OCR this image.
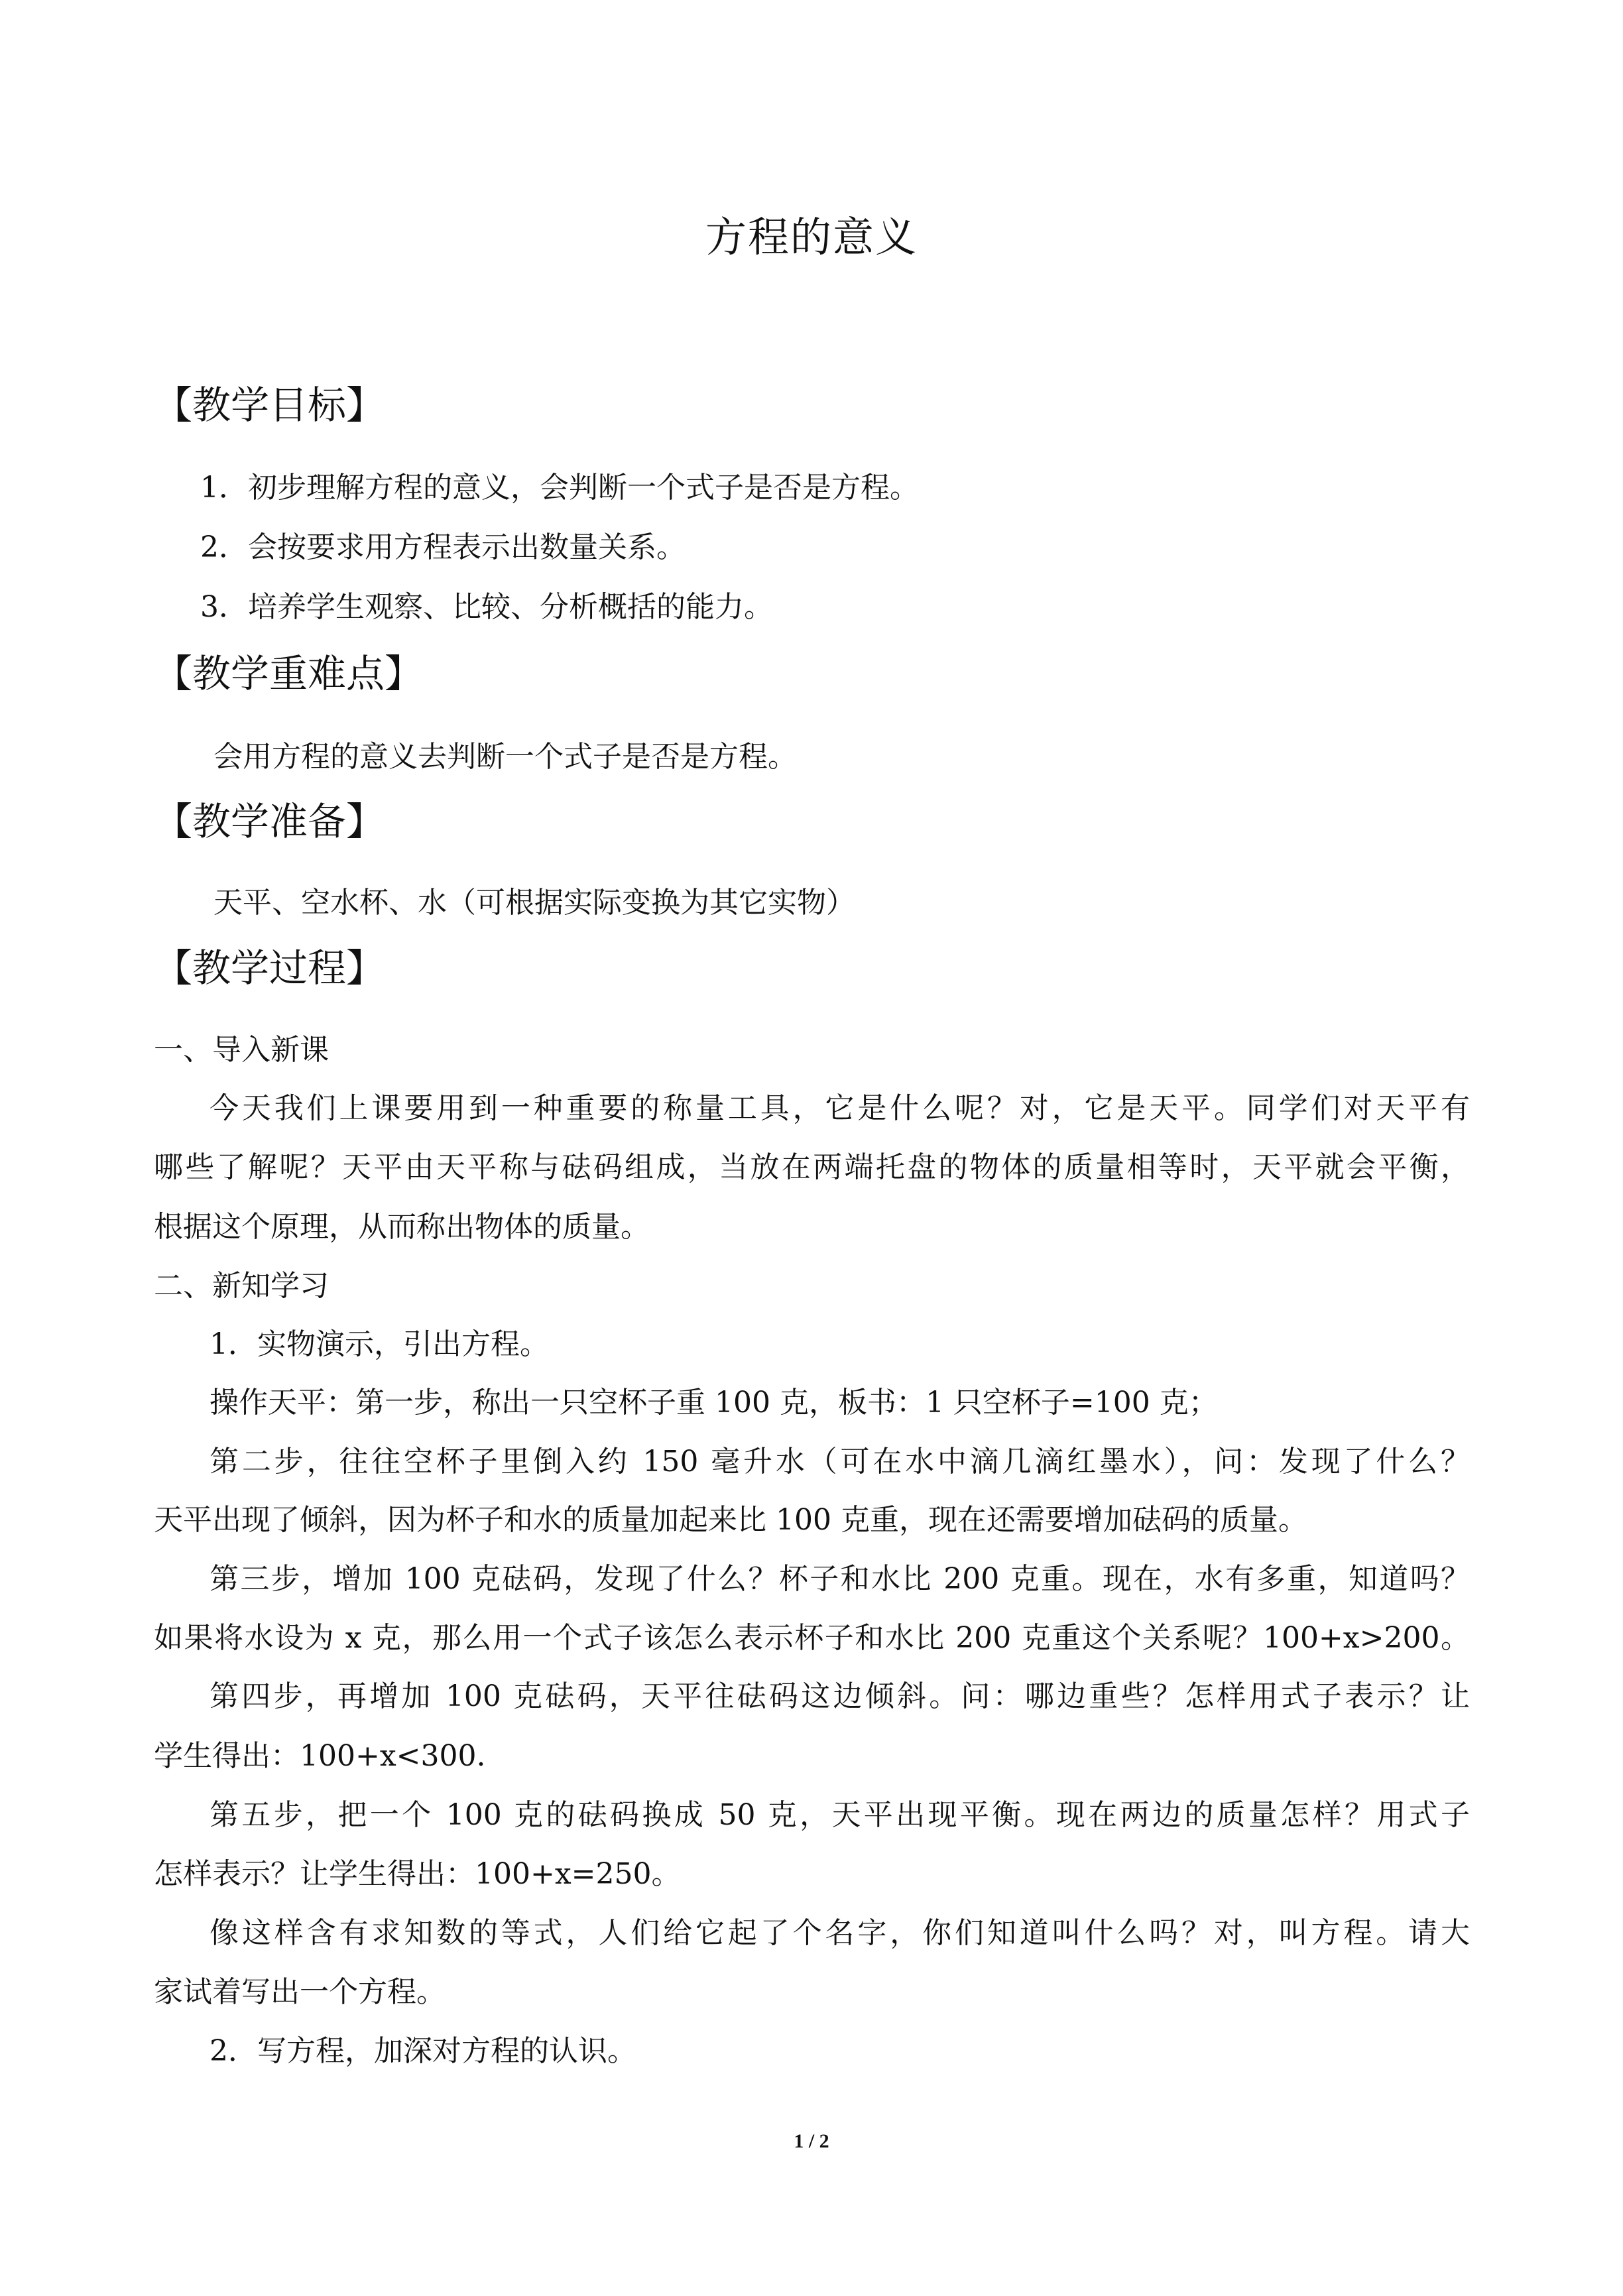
方程的意义
【教学目标】
1．初步理解方程的意义，会判断一个式子是否是方程。
2．会按要求用方程表示出数量关系。
3．培养学生观察、比较、分析概括的能力。
【教学重难点】
会用方程的意义去判断一个式子是否是方程。
【教学准备】
天平、空水杯、水（可根据实际变换为其它实物）
【教学过程】
一、导入新课
今天我们上课要用到一种重要的称量工具，它是什么呢？对，它是天平。同学们对天平有
哪些了解呢？天平由天平称与砝码组成，当放在两端托盘的物体的质量相等时，天平就会平衡，
根据这个原理，从而称出物体的质量。
二、新知学习
1．实物演示，引出方程。
操作天平：第一步，称出一只空杯子重 100 克，板书：1 只空杯子=100 克；
第二步，往往空杯子里倒入约 150 毫升水（可在水中滴几滴红墨水），问：发现了什么？
天平出现了倾斜，因为杯子和水的质量加起来比 100 克重，现在还需要增加砝码的质量。
第三步，增加 100 克砝码，发现了什么？杯子和水比 200 克重。现在，水有多重，知道吗？
如果将水设为 x 克，那么用一个式子该怎么表示杯子和水比 200 克重这个关系呢？100+x>200。
第四步，再增加 100 克砝码，天平往砝码这边倾斜。问：哪边重些？怎样用式子表示？让
学生得出：100+x<300.
第五步，把一个 100 克的砝码换成 50 克，天平出现平衡。现在两边的质量怎样？用式子
怎样表示？让学生得出：100+x=250。
像这样含有求知数的等式，人们给它起了个名字，你们知道叫什么吗？对，叫方程。请大
家试着写出一个方程。
2．写方程，加深对方程的认识。
1 / 2
